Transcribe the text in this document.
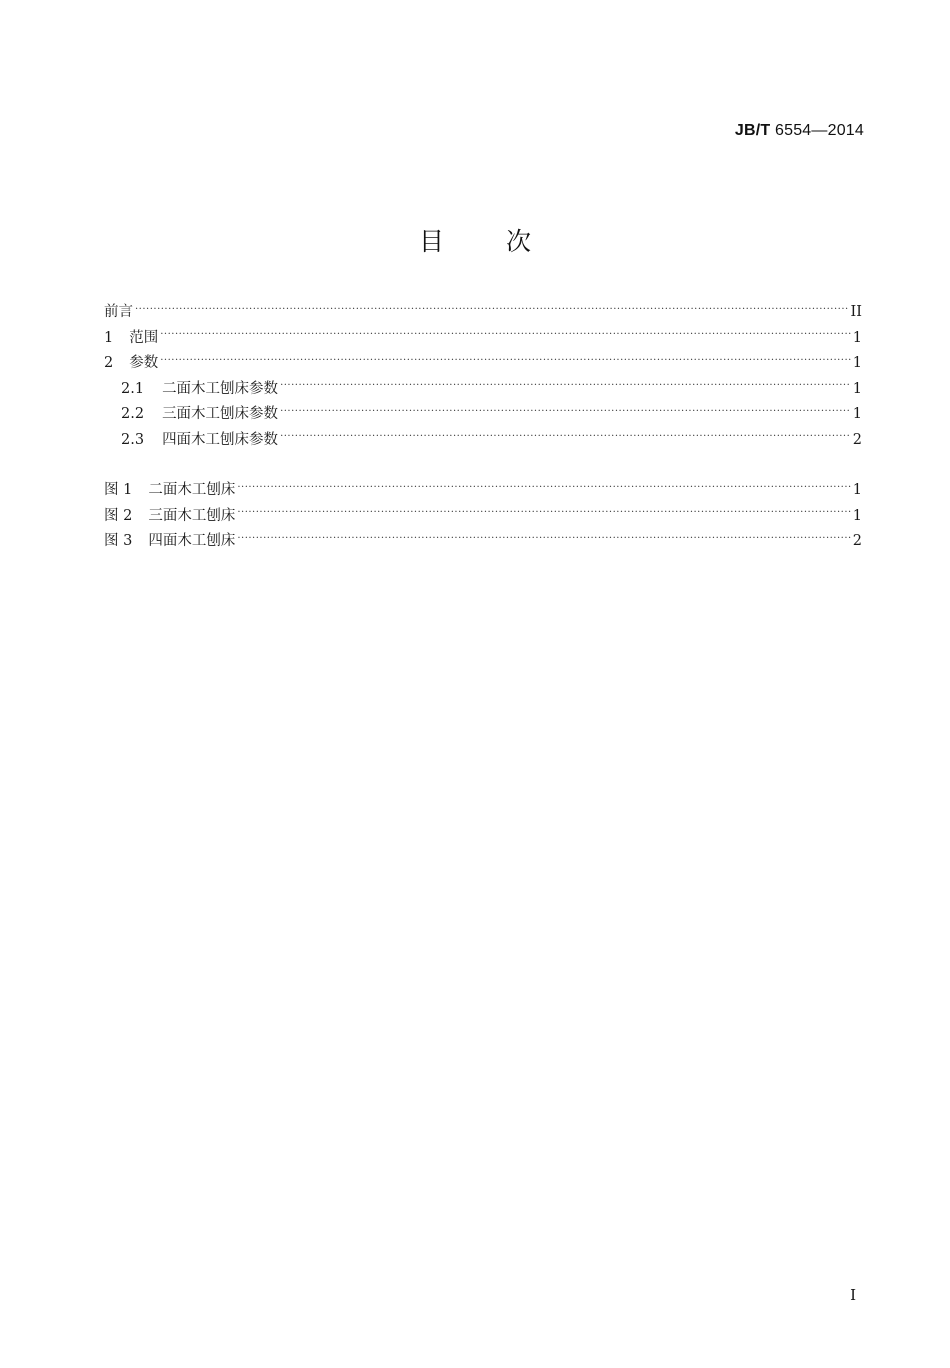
JB/T 6554—2014
目次
前言 .....	II
1 范围 .....	1
2 参数 .....	1
2.1 二面木工刨床参数 .....	1
2.2 三面木工刨床参数 .....	1
2.3 四面木工刨床参数 .....	2
图 1 二面木工刨床 .....	1
图 2 三面木工刨床 .....	1
图 3 四面木工刨床 .....	2
I
